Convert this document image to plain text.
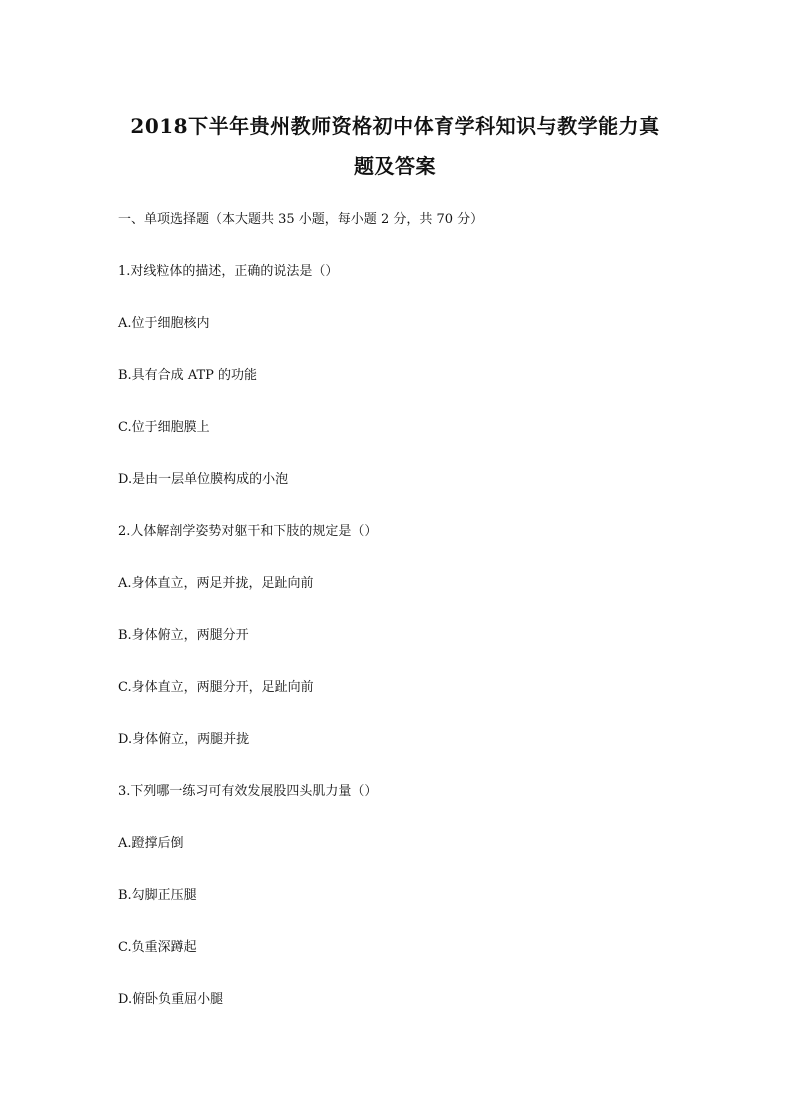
2018下半年贵州教师资格初中体育学科知识与教学能力真
题及答案
一、单项选择题（本大题共 35 小题，每小题 2 分，共 70 分）
1.对线粒体的描述，正确的说法是（）
A.位于细胞核内
B.具有合成 ATP 的功能
C.位于细胞膜上
D.是由一层单位膜构成的小泡
2.人体解剖学姿势对躯干和下肢的规定是（）
A.身体直立，两足并拢，足趾向前
B.身体俯立，两腿分开
C.身体直立，两腿分开，足趾向前
D.身体俯立，两腿并拢
3.下列哪一练习可有效发展股四头肌力量（）
A.蹬撑后倒
B.勾脚正压腿
C.负重深蹲起
D.俯卧负重屈小腿
